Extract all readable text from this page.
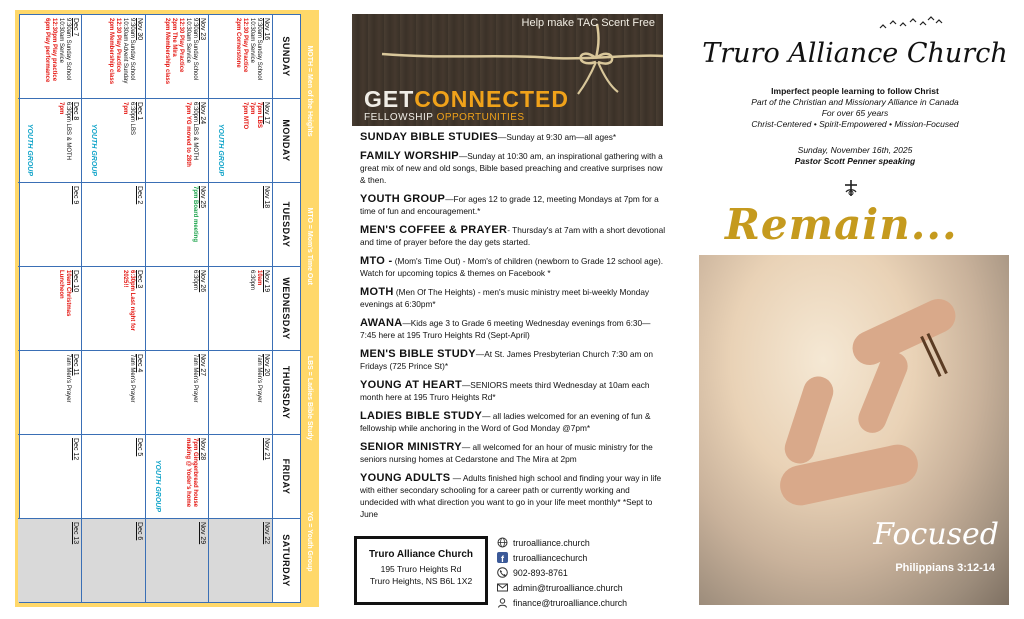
MOTH = Men of the Heights
MTO = Mom's Time Out
LBS = Ladies Bible Study
YG = Youth Group
SUNDAY
MONDAY
TUESDAY
WEDNESDAY
THURSDAY
FRIDAY
SATURDAY
Nov 16
9:30am Sunday School
10:30am Service
12:30 Play Practice
2pm Cornerstone
Nov 17
7pm LBS
7pm
7pm MTO
YOUTH GROUP
Nov 18
Nov 19
10am
6:30pm
Nov 20
7am Men's Prayer
Nov 21
Nov 22
Nov 23
9:30am Sunday School
10:30am Service
12:30 Play Practice
2pm The Mira
2pm Membership class
Nov 24
6:30pm LBS & MOTH
7pm YG moved to 28th
Nov 25
7pm Board meeting
Nov 26
6:30pm
Nov 27
7am Men's Prayer
Nov 28
7pm Gingerbread house
making @ Yoder's home
YOUTH GROUP
Nov 29
Nov 30
9:30am Sunday School
10:30am Advent Sunday
12:30 Play Practice
2pm Membership class
Dec 1
6:30pm LBS
7pm
YOUTH GROUP
Dec 2
Dec 3
6:30pm Last night for
2025!!
Dec 4
7am Men's Prayer
Dec 5
Dec 6
Dec 7
9:30am Sunday School
10:30am Service
12:30pm Play practice
6pm Play performance
Dec 8
6:30pm LBS & MOTH
7pm
YOUTH GROUP
Dec 9
Dec 10
10am Christmas
Luncheon
Dec 11
7am Men's Prayer
Dec 12
Dec 13
Help make TAC Scent Free
GETCONNECTED
FELLOWSHIP OPPORTUNITIES
SUNDAY BIBLE STUDIES—Sunday at 9:30 am—all ages*
FAMILY WORSHIP—Sunday at 10:30 am, an inspirational gathering with a great mix of new and old songs, Bible based preaching and creative surprises now & then.
YOUTH GROUP—For ages 12 to grade 12, meeting Mondays at 7pm for a time of fun and encouragement.*
MEN'S COFFEE & PRAYER- Thursday's at 7am with a short devotional and time of prayer before the day gets started.
MTO - (Mom's Time Out) - Mom's of children (newborn to Grade 12 school age). Watch for upcoming topics & themes on Facebook *
MOTH (Men Of The Heights) - men's music ministry meet bi-weekly Monday evenings at 6:30pm*
AWANA—Kids age 3 to Grade 6 meeting Wednesday evenings from 6:30—7:45 here at 195 Truro Heights Rd (Sept-April)
MEN'S BIBLE STUDY—At St. James Presbyterian Church 7:30 am on Fridays (725 Prince St)*
YOUNG AT HEART—SENIORS meets third Wednesday at 10am each month here at 195 Truro Heights Rd*
LADIES BIBLE STUDY— all ladies welcomed for an evening of fun & fellowship while anchoring in the Word of God Monday @7pm*
SENIOR MINISTRY— all welcomed for an hour of music ministry for the seniors nursing homes at Cedarstone and The Mira at 2pm
YOUNG ADULTS — Adults finished high school and finding your way in life with either secondary schooling for a career path or currently working and undecided with what direction you want to go in your life meet monthly* *Sept to June
Truro Alliance Church
195 Truro Heights Rd
Truro Heights, NS B6L 1X2
truroalliance.church
f truroalliancechurch
902-893-8761
admin@truroalliance.church
finance@truroalliance.church
Truro Alliance Church
Imperfect people learning to follow Christ
Part of the Christian and Missionary Alliance in Canada
For over 65 years
Christ-Centered • Spirit-Empowered • Mission-Focused
Sunday, November 16th, 2025
Pastor Scott Penner speaking
Remain...
Focused
Philippians 3:12-14
